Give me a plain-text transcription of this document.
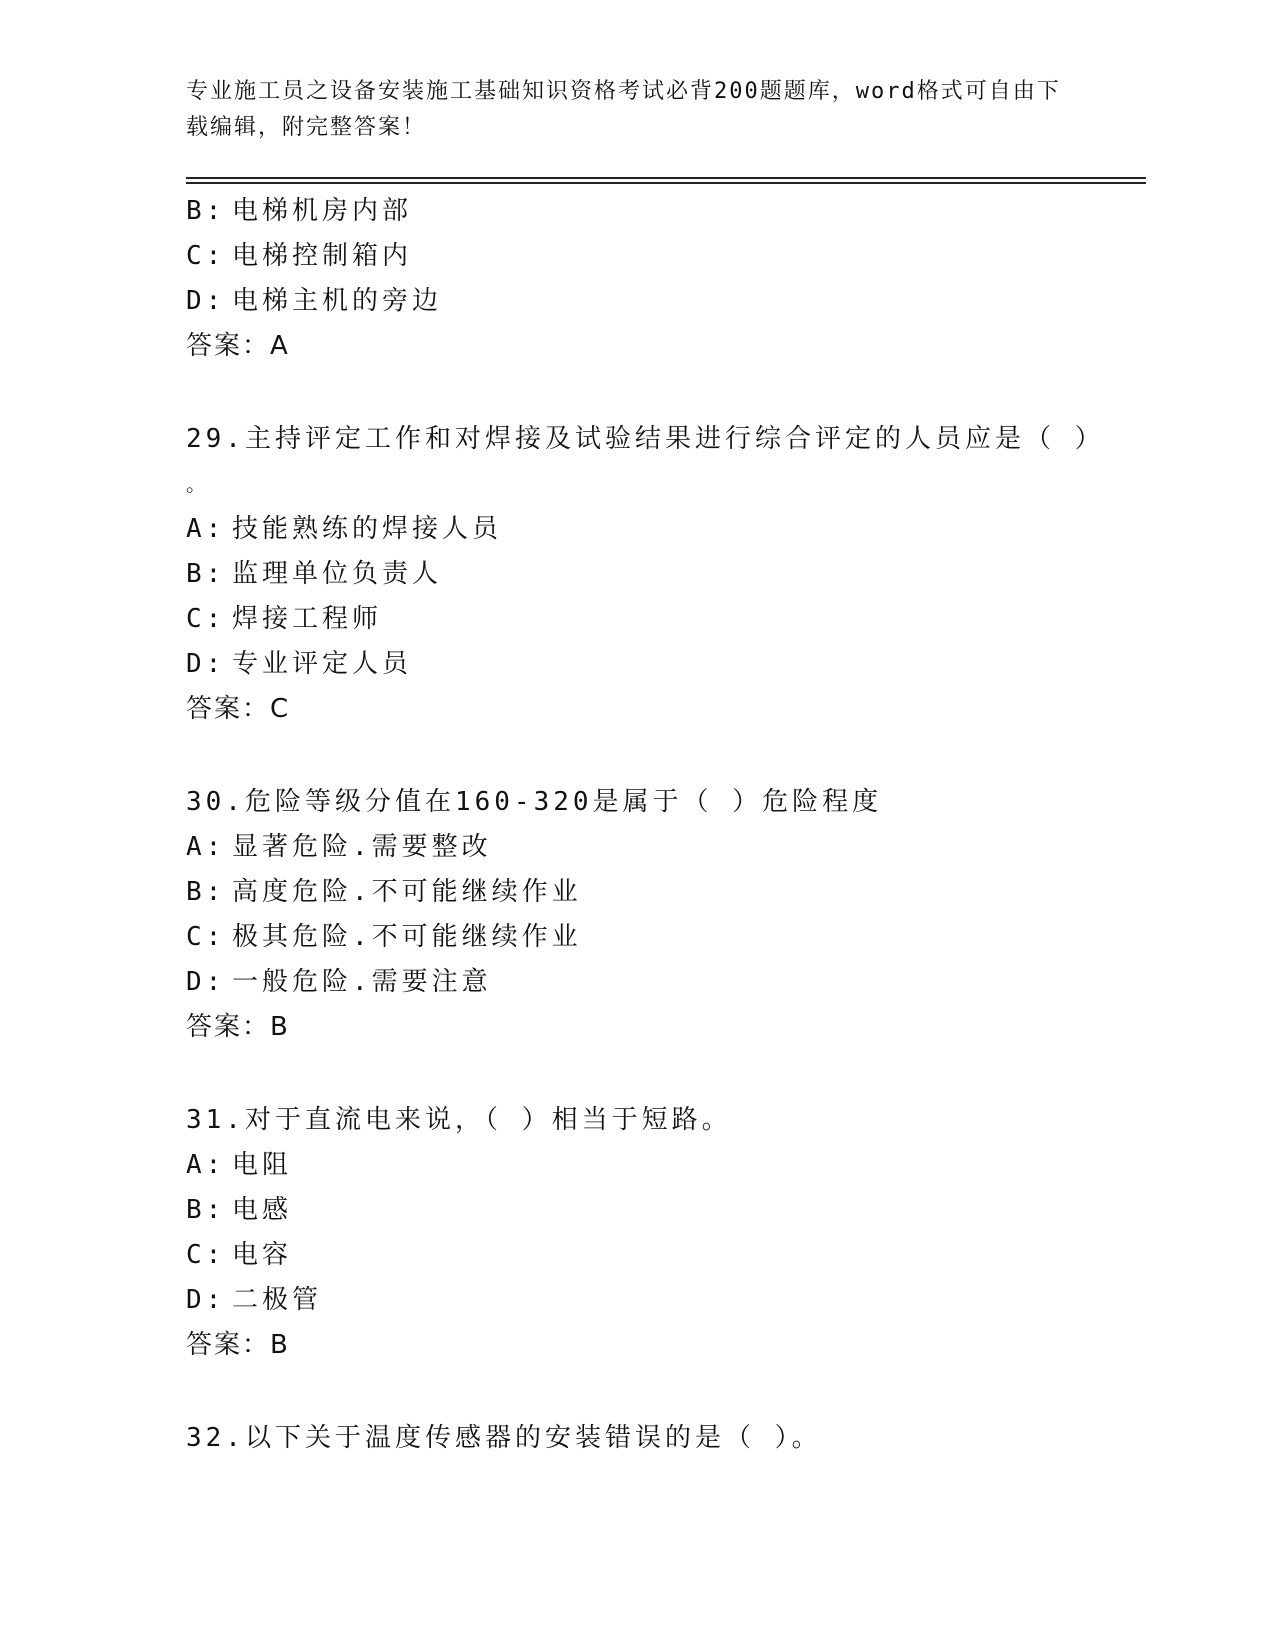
专业施工员之设备安装施工基础知识资格考试必背200题题库，word格式可自由下载编辑，附完整答案！
B: 电梯机房内部
C: 电梯控制箱内
D: 电梯主机的旁边
答案：A
29.主持评定工作和对焊接及试验结果进行综合评定的人员应是（ ）
。
A: 技能熟练的焊接人员
B: 监理单位负责人
C: 焊接工程师
D: 专业评定人员
答案：C
30.危险等级分值在160-320是属于（ ）危险程度
A: 显著危险.需要整改
B: 高度危险.不可能继续作业
C: 极其危险.不可能继续作业
D: 一般危险.需要注意
答案：B
31.对于直流电来说，（ ）相当于短路。
A: 电阻
B: 电感
C: 电容
D: 二极管
答案：B
32.以下关于温度传感器的安装错误的是（ ）。
